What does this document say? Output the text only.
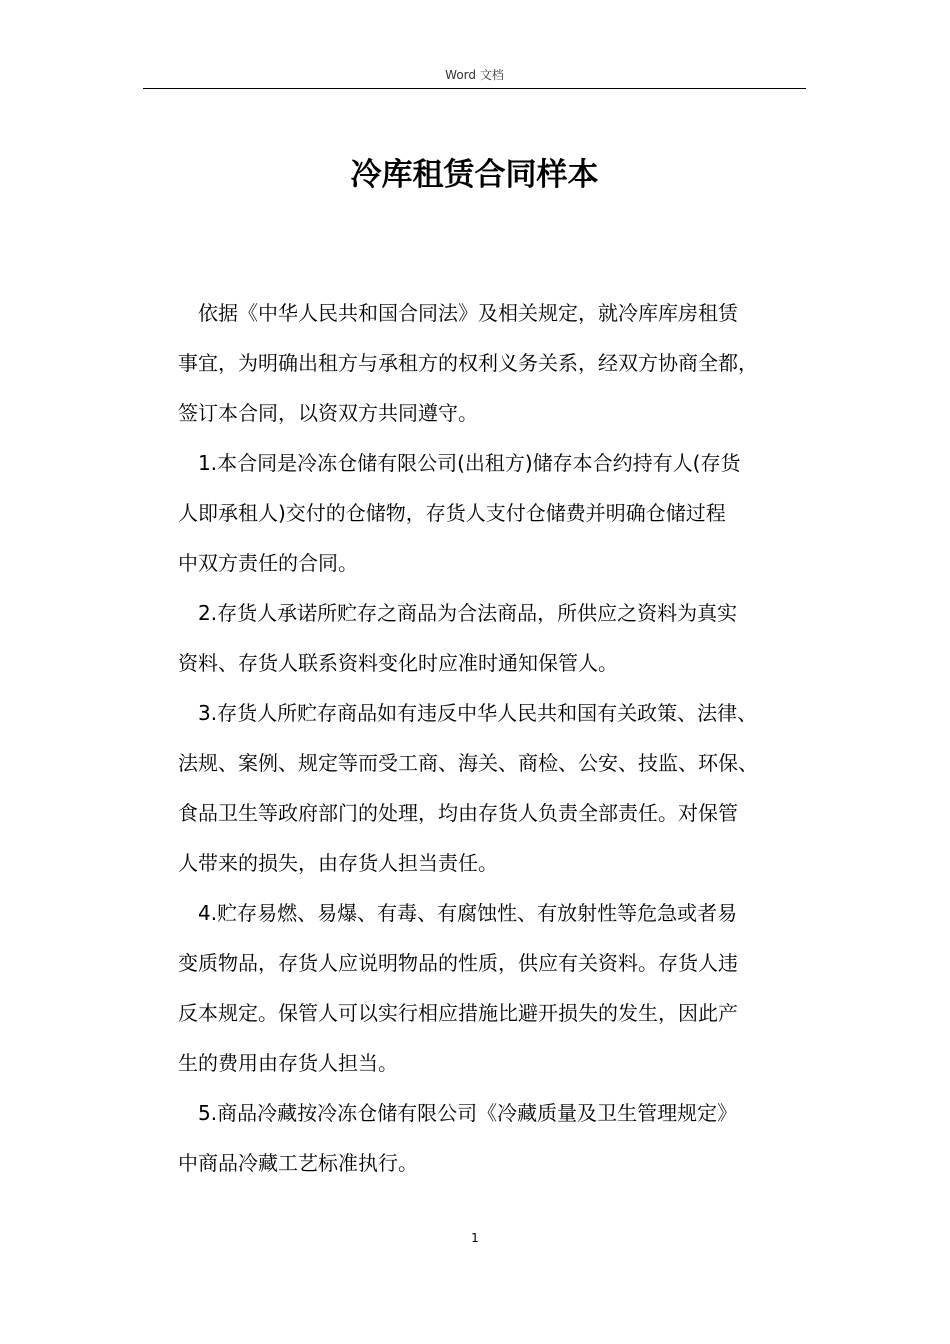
Word 文档
冷库租赁合同样本

依据《中华人民共和国合同法》及相关规定，就冷库库房租赁
事宜，为明确出租方与承租方的权利义务关系，经双方协商全都，
签订本合同，以资双方共同遵守。

1.本合同是冷冻仓储有限公司(出租方)储存本合约持有人(存货
人即承租人)交付的仓储物，存货人支付仓储费并明确仓储过程
中双方责任的合同。

2.存货人承诺所贮存之商品为合法商品，所供应之资料为真实
资料、存货人联系资料变化时应准时通知保管人。

3.存货人所贮存商品如有违反中华人民共和国有关政策、法律、
法规、案例、规定等而受工商、海关、商检、公安、技监、环保、
食品卫生等政府部门的处理，均由存货人负责全部责任。对保管
人带来的损失，由存货人担当责任。

4.贮存易燃、易爆、有毒、有腐蚀性、有放射性等危急或者易
变质物品，存货人应说明物品的性质，供应有关资料。存货人违
反本规定。保管人可以实行相应措施比避开损失的发生，因此产
生的费用由存货人担当。

5.商品冷藏按冷冻仓储有限公司《冷藏质量及卫生管理规定》
中商品冷藏工艺标准执行。

1
